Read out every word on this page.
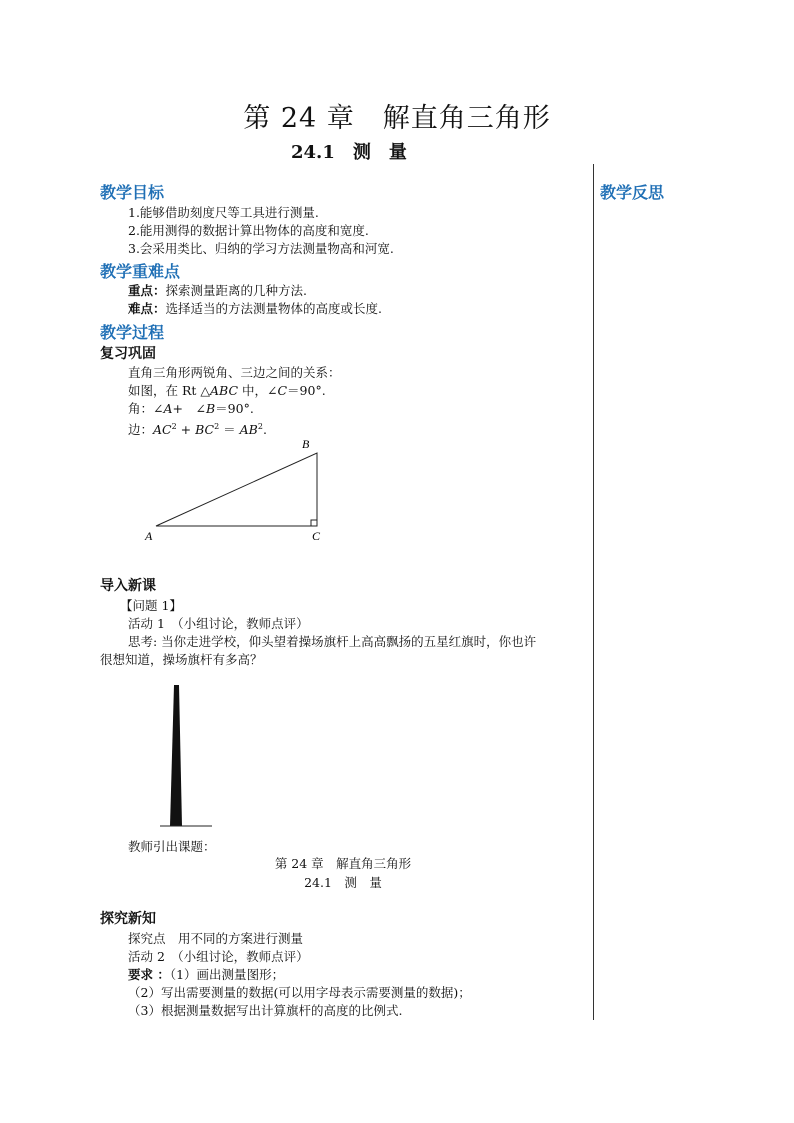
第 24 章　解直角三角形
24.1　测　量
教学反思
教学目标
1.能够借助刻度尺等工具进行测量.
2.能用测得的数据计算出物体的高度和宽度.
3.会采用类比、归纳的学习方法测量物高和河宽.
教学重难点
重点：探索测量距离的几种方法.
难点：选择适当的方法测量物体的高度或长度.
教学过程
复习巩固
直角三角形两锐角、三边之间的关系：
如图，在 Rt △ABC 中，∠C＝90°.
角：∠A+　∠B＝90°.
边：$AC^2 + BC^2 = AB^2$.
B
A	C
导入新课
【问题 1】
活动 1　（小组讨论，教师点评）
思考: 当你走进学校，仰头望着操场旗杆上高高飘扬的五星红旗时，你也许
很想知道，操场旗杆有多高？
教师引出课题：
第 24 章　解直角三角形
24.1　测　量
探究新知
探究点　用不同的方案进行测量
活动 2　（小组讨论，教师点评）
要求 ：（1）画出测量图形；
（2）写出需要测量的数据(可以用字母表示需要测量的数据)；
（3）根据测量数据写出计算旗杆的高度的比例式.
